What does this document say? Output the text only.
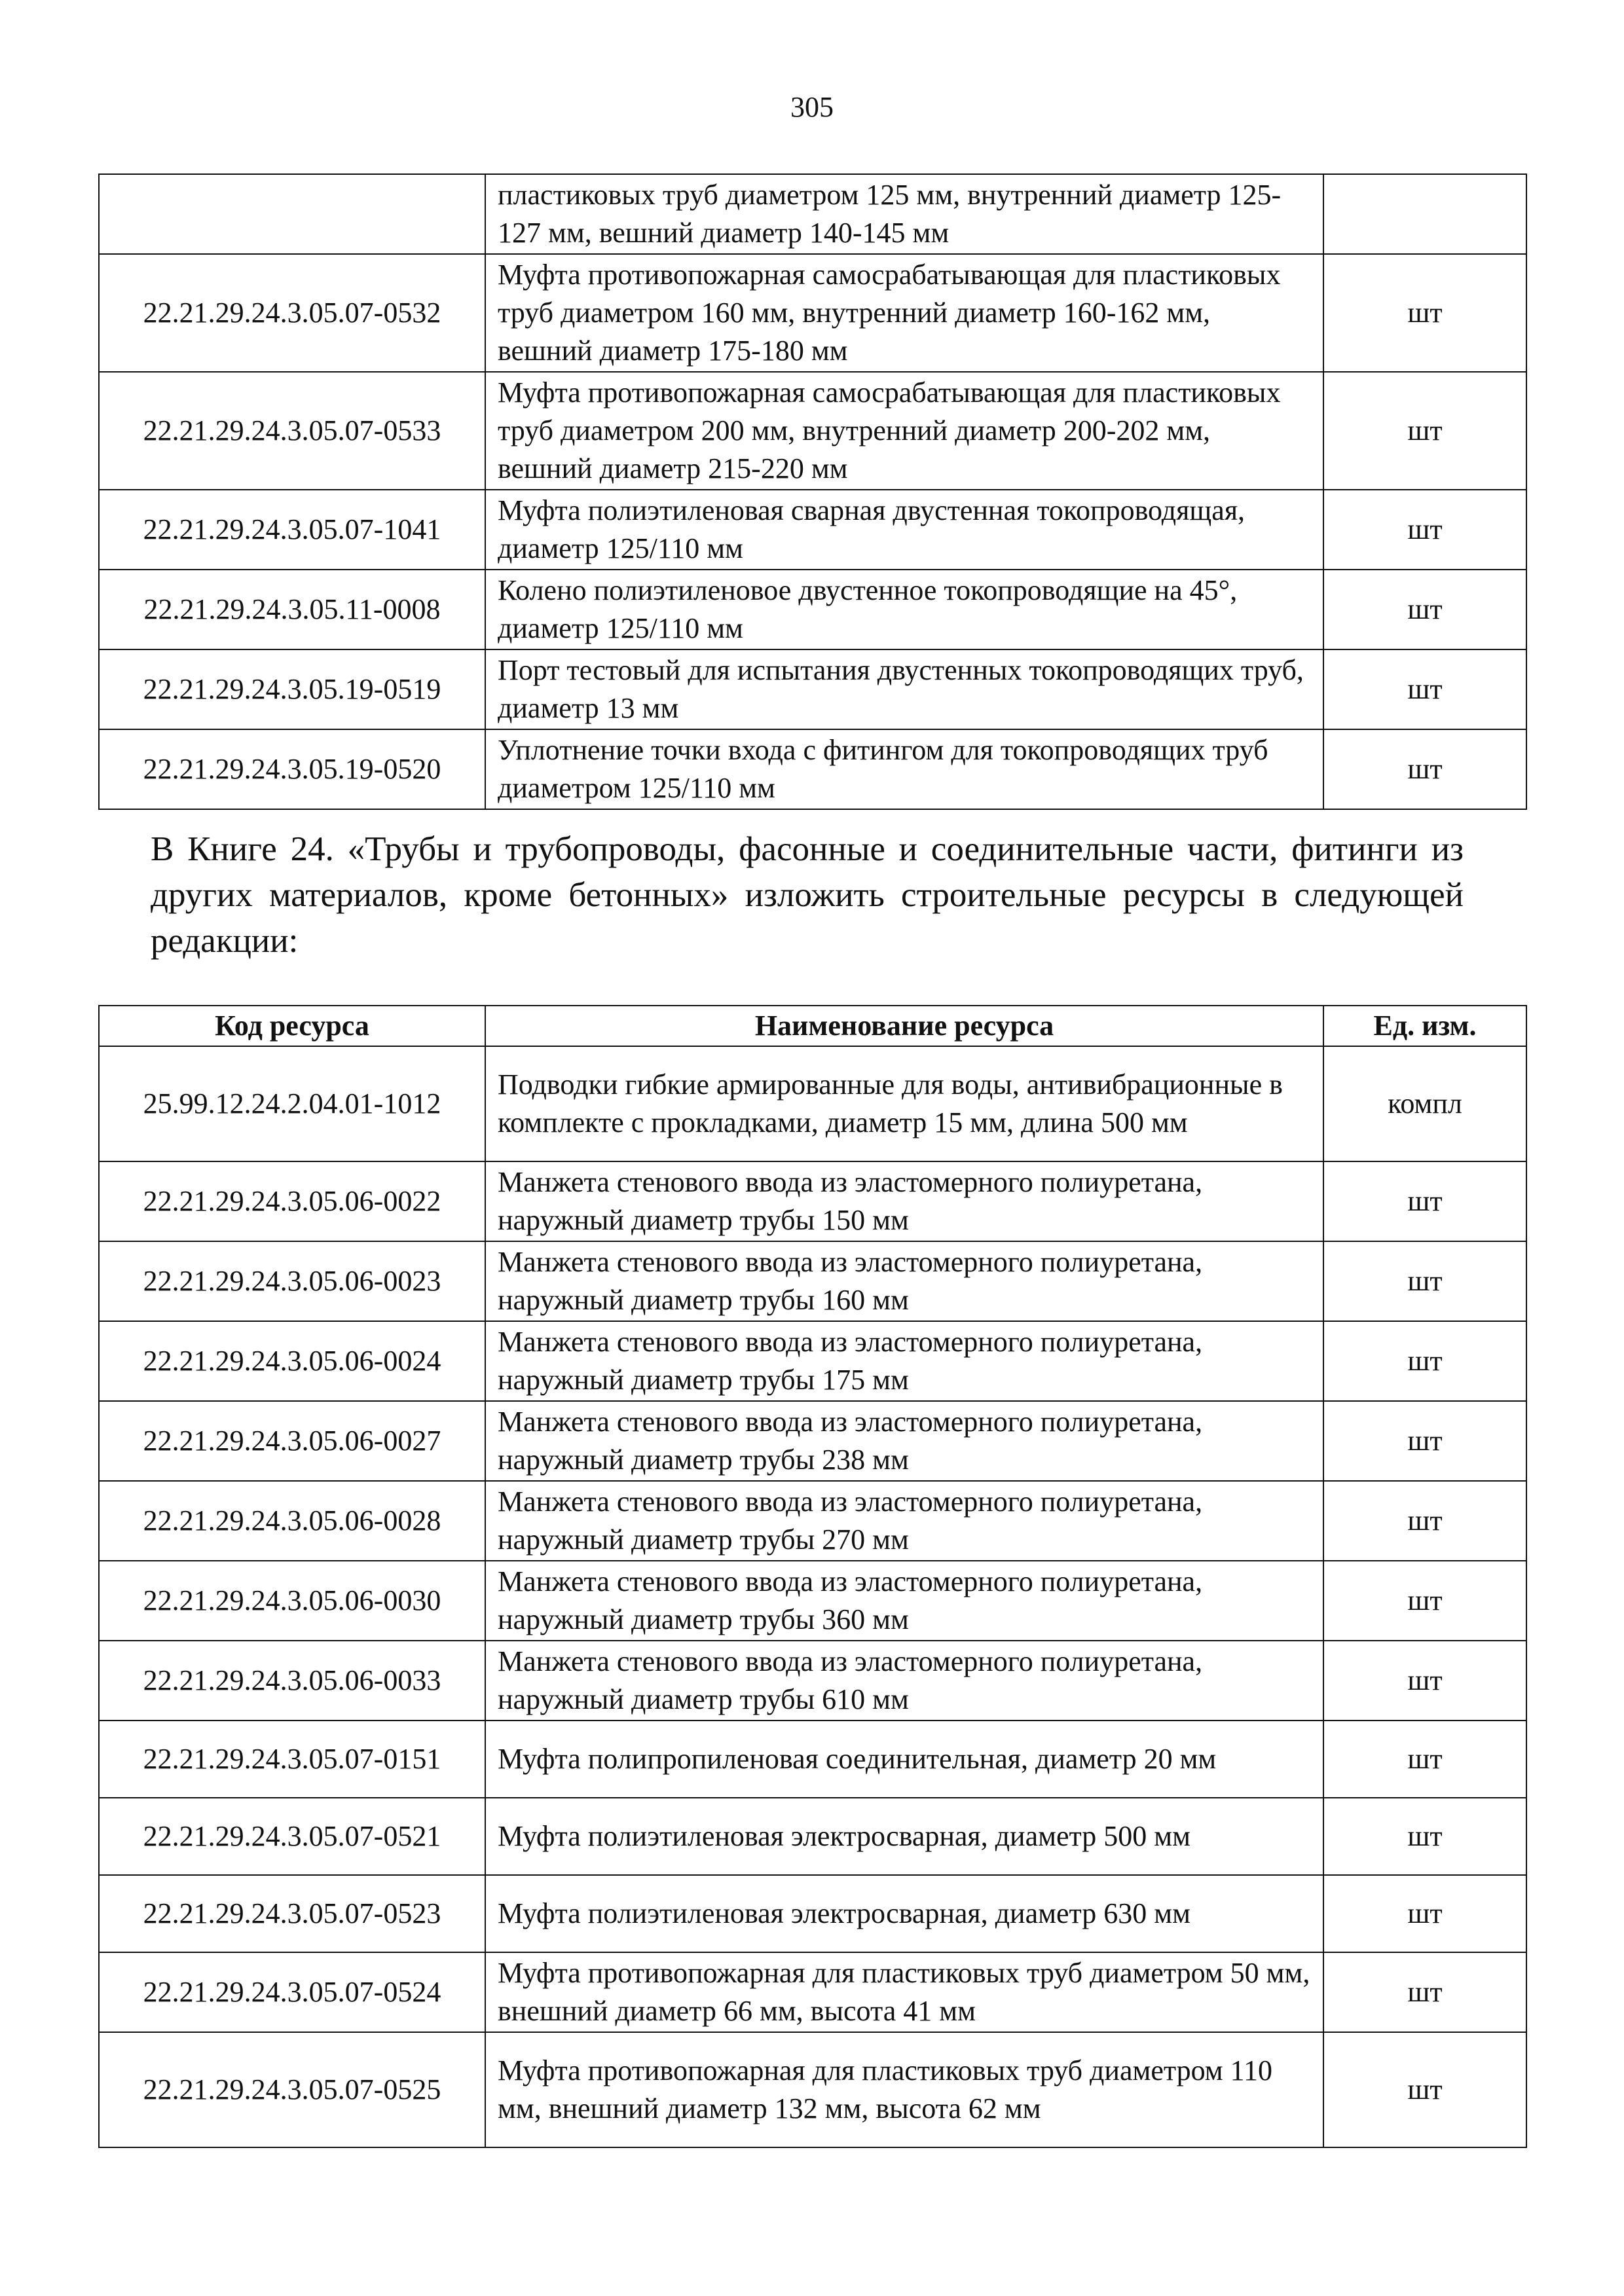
305
	пластиковых труб диаметром 125 мм, внутренний диаметр 125-127 мм, вешний диаметр 140-145 мм	
22.21.29.24.3.05.07-0532	Муфта противопожарная самосрабатывающая для пластиковых труб диаметром 160 мм, внутренний диаметр 160-162 мм, вешний диаметр 175-180 мм	шт
22.21.29.24.3.05.07-0533	Муфта противопожарная самосрабатывающая для пластиковых труб диаметром 200 мм, внутренний диаметр 200-202 мм, вешний диаметр 215-220 мм	шт
22.21.29.24.3.05.07-1041	Муфта полиэтиленовая сварная двустенная токопроводящая, диаметр 125/110 мм	шт
22.21.29.24.3.05.11-0008	Колено полиэтиленовое двустенное токопроводящие на 45°, диаметр 125/110 мм	шт
22.21.29.24.3.05.19-0519	Порт тестовый для испытания двустенных токопроводящих труб, диаметр 13 мм	шт
22.21.29.24.3.05.19-0520	Уплотнение точки входа с фитингом для токопроводящих труб диаметром 125/110 мм	шт
В Книге 24. «Трубы и трубопроводы, фасонные и соединительные части, фитинги из других материалов, кроме бетонных» изложить строительные ресурсы в следующей редакции:
Код ресурса	Наименование ресурса	Ед. изм.
25.99.12.24.2.04.01-1012	Подводки гибкие армированные для воды, антивибрационные в комплекте с прокладками, диаметр 15 мм, длина 500 мм	компл
22.21.29.24.3.05.06-0022	Манжета стенового ввода из эластомерного полиуретана, наружный диаметр трубы 150 мм	шт
22.21.29.24.3.05.06-0023	Манжета стенового ввода из эластомерного полиуретана, наружный диаметр трубы 160 мм	шт
22.21.29.24.3.05.06-0024	Манжета стенового ввода из эластомерного полиуретана, наружный диаметр трубы 175 мм	шт
22.21.29.24.3.05.06-0027	Манжета стенового ввода из эластомерного полиуретана, наружный диаметр трубы 238 мм	шт
22.21.29.24.3.05.06-0028	Манжета стенового ввода из эластомерного полиуретана, наружный диаметр трубы 270 мм	шт
22.21.29.24.3.05.06-0030	Манжета стенового ввода из эластомерного полиуретана, наружный диаметр трубы 360 мм	шт
22.21.29.24.3.05.06-0033	Манжета стенового ввода из эластомерного полиуретана, наружный диаметр трубы 610 мм	шт
22.21.29.24.3.05.07-0151	Муфта полипропиленовая соединительная, диаметр 20 мм	шт
22.21.29.24.3.05.07-0521	Муфта полиэтиленовая электросварная, диаметр 500 мм	шт
22.21.29.24.3.05.07-0523	Муфта полиэтиленовая электросварная, диаметр 630 мм	шт
22.21.29.24.3.05.07-0524	Муфта противопожарная для пластиковых труб диаметром 50 мм, внешний диаметр 66 мм, высота 41 мм	шт
22.21.29.24.3.05.07-0525	Муфта противопожарная для пластиковых труб диаметром 110 мм, внешний диаметр 132 мм, высота 62 мм	шт
